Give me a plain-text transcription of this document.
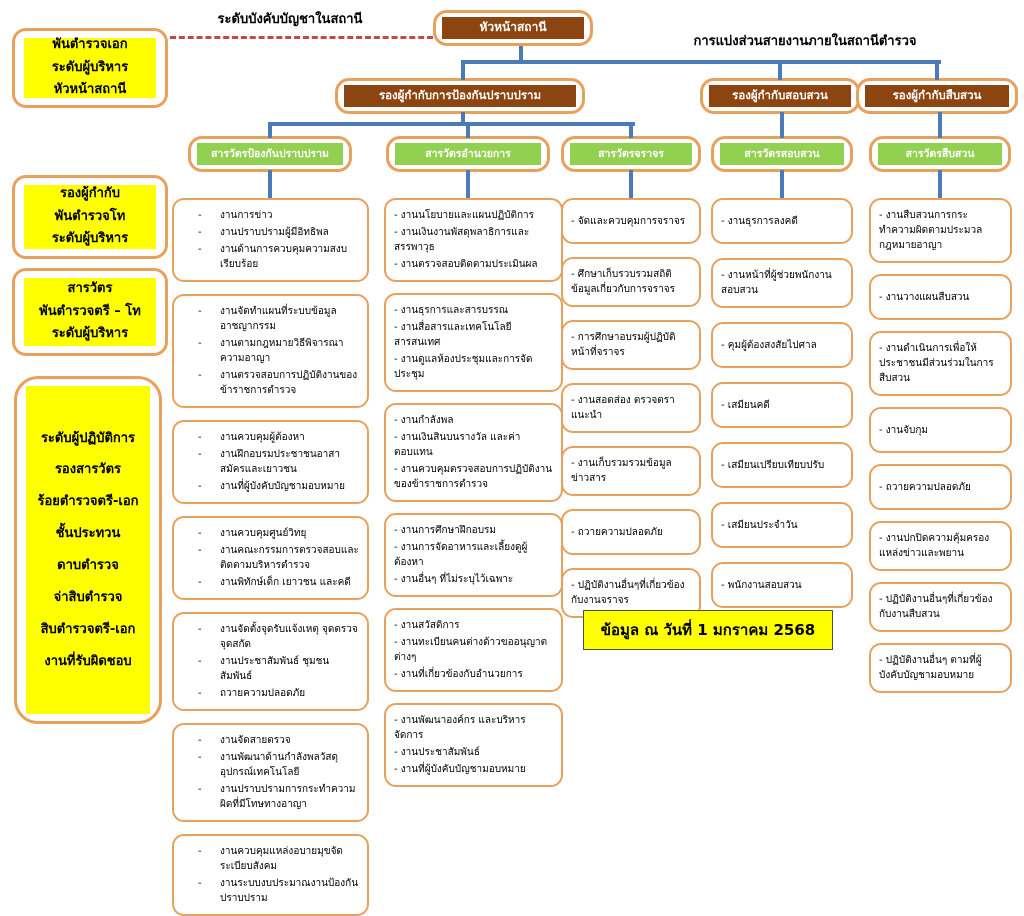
ระดับบังคับบัญชาในสถานี
การแบ่งส่วนสายงานภายในสถานีตำรวจ
พันตำรวจเอก
ระดับผู้บริหาร
หัวหน้าสถานี
รองผู้กำกับ
พันตำรวจโท
ระดับผู้บริหาร
สารวัตร
พันตำรวจตรี – โท
ระดับผู้บริหาร
ระดับผู้ปฏิบัติการ
รองสารวัตร
ร้อยตำรวจตรี-เอก
ชั้นประทวน
ดาบตำรวจ
จ่าสิบตำรวจ
สิบตำรวจตรี-เอก
งานที่รับผิดชอบ
หัวหน้าสถานี
รองผู้กำกับการป้องกันปราบปราม	รองผู้กำกับสอบสวน	รองผู้กำกับสืบสวน
สารวัตรป้องกันปราบปราม	สารวัตรอำนวยการ	สารวัตรจราจร	สารวัตรสอบสวน	สารวัตรสืบสวน
-	งานการข่าว
-	งานปราบปรามผู้มีอิทธิพล
-	งานด้านการควบคุมความสงบเรียบร้อย
-	งานจัดทำแผนที่ระบบข้อมูลอาชญากรรม
-	งานตามกฎหมายวิธีพิจารณาความอาญา
-	งานตรวจสอบการปฏิบัติงานของข้าราชการตำรวจ
-	งานควบคุมผู้ต้องหา
-	งานฝึกอบรมประชาชนอาสาสมัครและเยาวชน
-	งานที่ผู้บังคับบัญชามอบหมาย
-	งานควบคุมศูนย์วิทยุ
-	งานคณะกรรมการตรวจสอบและติดตามบริหารตำรวจ
-	งานพิทักษ์เด็ก เยาวชน และคดี
-	งานจัดตั้งจุดรับแจ้งเหตุ จุดตรวจ จุดสกัด
-	งานประชาสัมพันธ์ ชุมชนสัมพันธ์
-	ถวายความปลอดภัย
-	งานจัดสายตรวจ
-	งานพัฒนาด้านกำลังพลวัสดุอุปกรณ์เทคโนโลยี
-	งานปราบปรามการกระทำความผิดที่มีโทษทางอาญา
-	งานควบคุมแหล่งอบายมุขจัดระเบียบสังคม
-	งานระบบงบประมาณงานป้องกันปราบปราม
- งานนโยบายและแผนปฏิบัติการ
- งานเงินงานพัสดุพลาธิการและสรรพาวุธ
- งานตรวจสอบติดตามประเมินผล
- งานธุรการและสารบรรณ
- งานสื่อสารและเทคโนโลยีสารสนเทศ
- งานดูแลห้องประชุมและการจัดประชุม
- งานกำลังพล
- งานเงินสินบนรางวัล และค่าตอบแทน
- งานควบคุมตรวจสอบการปฏิบัติงานของข้าราชการตำรวจ
- งานการศึกษาฝึกอบรม
- งานการจัดอาหารและเลี้ยงดูผู้ต้องหา
- งานอื่นๆ ที่ไม่ระบุไว้เฉพาะ
- งานสวัสดิการ
- งานทะเบียนคนต่างด้าวขออนุญาตต่างๆ
- งานที่เกี่ยวข้องกับอำนวยการ
- งานพัฒนาองค์กร และบริหารจัดการ
- งานประชาสัมพันธ์
- งานที่ผู้บังคับบัญชามอบหมาย
- จัดและควบคุมการจราจร
- ศึกษาเก็บรวบรวมสถิติข้อมูลเกี่ยวกับการจราจร
- การศึกษาอบรมผู้ปฏิบัติหน้าที่จราจร
- งานสอดส่อง ตรวจตรา แนะนำ
- งานเก็บรวมรวมข้อมูลข่าวสาร
- ถวายความปลอดภัย
- ปฏิบัติงานอื่นๆที่เกี่ยวข้องกับงานจราจร
- งานธุรการลงคดี
- งานหน้าที่ผู้ช่วยพนักงานสอบสวน
- คุมผู้ต้องสงสัยไปศาล
- เสมียนคดี
- เสมียนเปรียบเทียบปรับ
- เสมียนประจำวัน
- พนักงานสอบสวน
- งานสืบสวนการกระทำความผิดตามประมวลกฎหมายอาญา
- งานวางแผนสืบสวน
- งานดำเนินการเพื่อให้ประชาชนมีส่วนร่วมในการสืบสวน
- งานจับกุม
- ถวายความปลอดภัย
- งานปกปิดความคุ้มครองแหล่งข่าวและพยาน
- ปฏิบัติงานอื่นๆที่เกี่ยวข้องกับงานสืบสวน
- ปฏิบัติงานอื่นๆ ตามที่ผู้บังคับบัญชามอบหมาย
ข้อมูล ณ วันที่ 1 มกราคม 2568
